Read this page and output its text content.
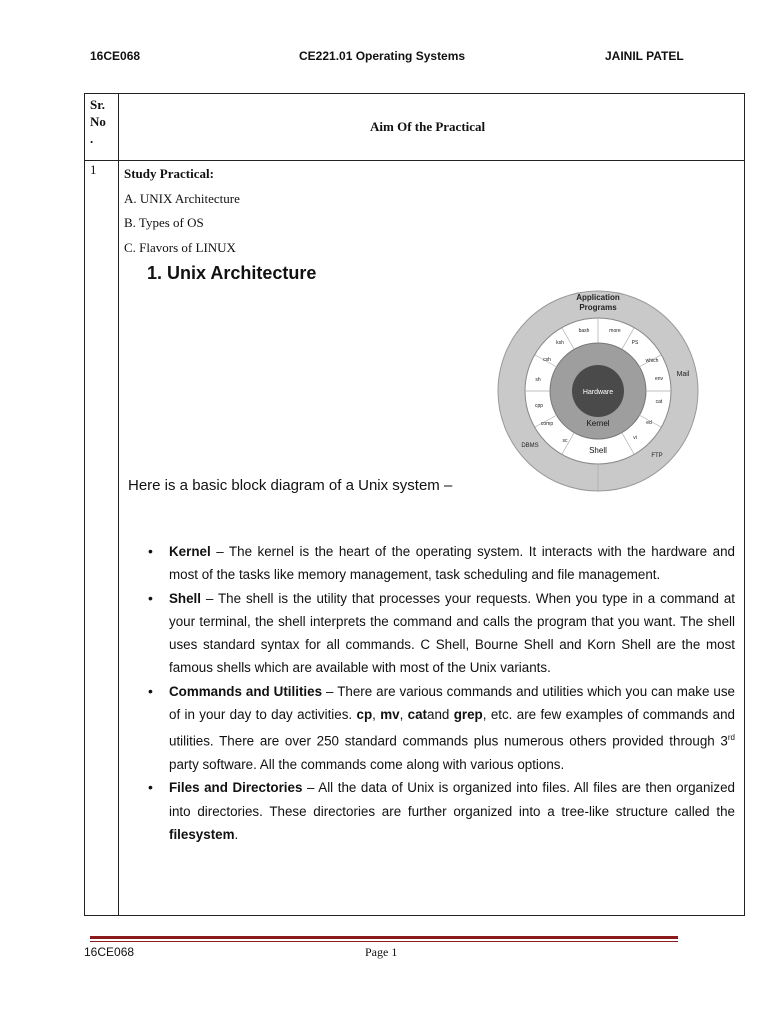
16CE068	CE221.01 Operating Systems	JAINIL PATEL
Sr. No .
Aim Of the Practical
1 Study Practical:
A. UNIX Architecture
B. Types of OS
C. Flavors of LINUX
1. Unix Architecture
Application
Programs
Hardware
Kernel
Shell
Mail
FTP
DBMS
bash	more
PS
which
env
cat
ed
vi
sc
comp
cpp
sh
csh
ksh
Here is a basic block diagram of a Unix system –
• Kernel – The kernel is the heart of the operating system. It interacts with the hardware and most of the tasks like memory management, task scheduling and file management.
• Shell – The shell is the utility that processes your requests. When you type in a command at your terminal, the shell interprets the command and calls the program that you want. The shell uses standard syntax for all commands. C Shell, Bourne Shell and Korn Shell are the most famous shells which are available with most of the Unix variants.
• Commands and Utilities – There are various commands and utilities which you can make use of in your day to day activities. cp, mv, catand grep, etc. are few examples of commands and utilities. There are over 250 standard commands plus numerous others provided through 3rd party software. All the commands come along with various options.
• Files and Directories – All the data of Unix is organized into files. All files are then organized into directories. These directories are further organized into a tree-like structure called the filesystem.
16CE068	Page 1
